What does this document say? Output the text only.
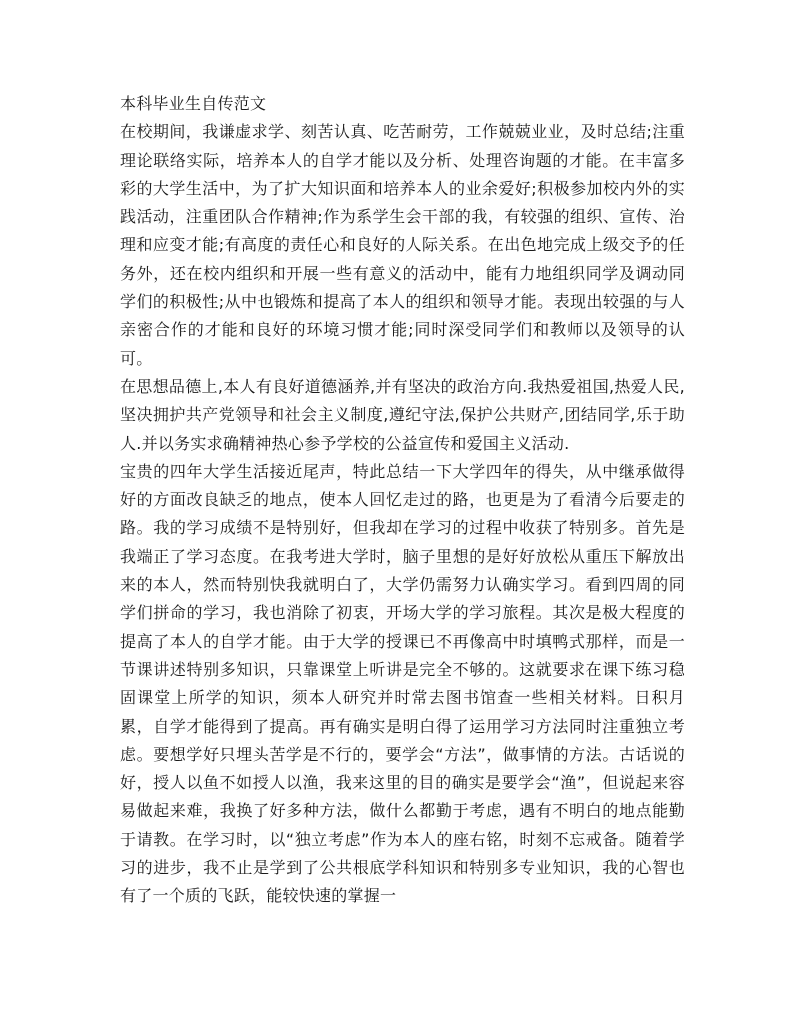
本科毕业生自传范文

在校期间，我谦虚求学、刻苦认真、吃苦耐劳，工作兢兢业业，及时总结;注重理论联络实际，培养本人的自学才能以及分析、处理咨询题的才能。在丰富多彩的大学生活中，为了扩大知识面和培养本人的业余爱好;积极参加校内外的实践活动，注重团队合作精神;作为系学生会干部的我，有较强的组织、宣传、治理和应变才能;有高度的责任心和良好的人际关系。在出色地完成上级交予的任务外，还在校内组织和开展一些有意义的活动中，能有力地组织同学及调动同学们的积极性;从中也锻炼和提高了本人的组织和领导才能。表现出较强的与人亲密合作的才能和良好的环境习惯才能;同时深受同学们和教师以及领导的认可。

在思想品德上,本人有良好道德涵养,并有坚决的政治方向.我热爱祖国,热爱人民,坚决拥护共产党领导和社会主义制度,遵纪守法,保护公共财产,团结同学,乐于助人.并以务实求确精神热心参予学校的公益宣传和爱国主义活动.

宝贵的四年大学生活接近尾声，特此总结一下大学四年的得失，从中继承做得好的方面改良缺乏的地点，使本人回忆走过的路，也更是为了看清今后要走的路。我的学习成绩不是特别好，但我却在学习的过程中收获了特别多。首先是我端正了学习态度。在我考进大学时，脑子里想的是好好放松从重压下解放出来的本人，然而特别快我就明白了，大学仍需努力认确实学习。看到四周的同学们拼命的学习，我也消除了初衷，开场大学的学习旅程。其次是极大程度的提高了本人的自学才能。由于大学的授课已不再像高中时填鸭式那样，而是一节课讲述特别多知识，只靠课堂上听讲是完全不够的。这就要求在课下练习稳固课堂上所学的知识，须本人研究并时常去图书馆查一些相关材料。日积月累，自学才能得到了提高。再有确实是明白得了运用学习方法同时注重独立考虑。要想学好只埋头苦学是不行的，要学会“方法”，做事情的方法。古话说的好，授人以鱼不如授人以渔，我来这里的目的确实是要学会“渔”，但说起来容易做起来难，我换了好多种方法，做什么都勤于考虑，遇有不明白的地点能勤于请教。在学习时，以“独立考虑”作为本人的座右铭，时刻不忘戒备。随着学习的进步，我不止是学到了公共根底学科知识和特别多专业知识，我的心智也有了一个质的飞跃，能较快速的掌握一
